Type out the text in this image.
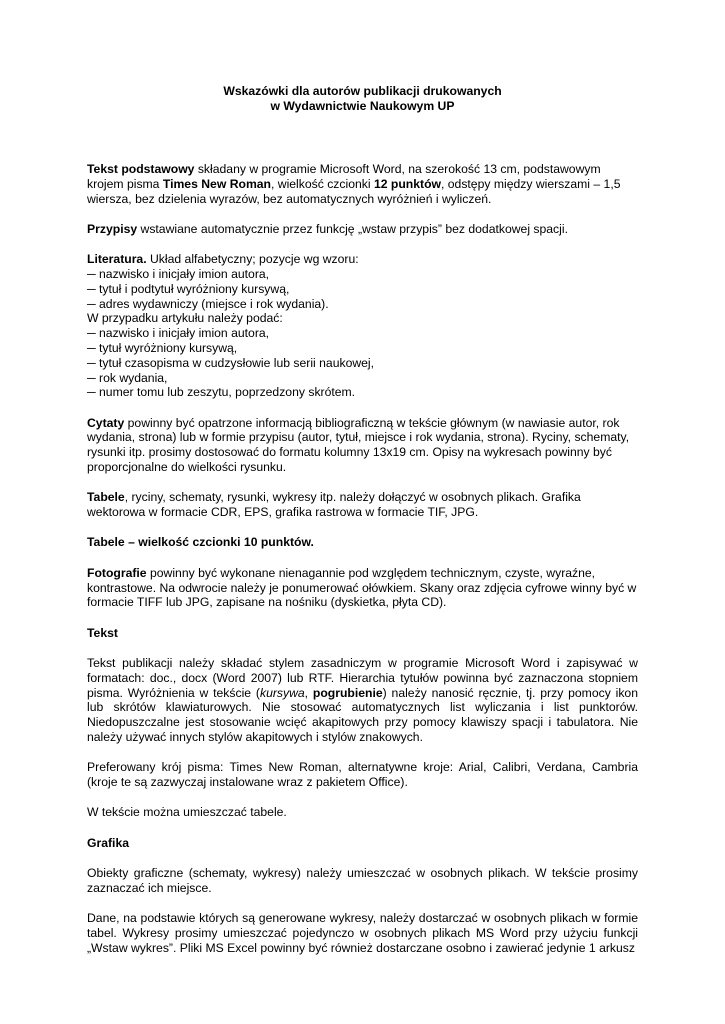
Wskazówki dla autorów publikacji drukowanych
w Wydawnictwie Naukowym UP

Tekst podstawowy składany w programie Microsoft Word, na szerokość 13 cm, podstawowym krojem pisma Times New Roman, wielkość czcionki 12 punktów, odstępy między wierszami – 1,5 wiersza, bez dzielenia wyrazów, bez automatycznych wyróżnień i wyliczeń.

Przypisy wstawiane automatycznie przez funkcję „wstaw przypis” bez dodatkowej spacji.

Literatura. Układ alfabetyczny; pozycje wg wzoru:
─ nazwisko i inicjały imion autora,
─ tytuł i podtytuł wyróżniony kursywą,
─ adres wydawniczy (miejsce i rok wydania).
W przypadku artykułu należy podać:
─ nazwisko i inicjały imion autora,
─ tytuł wyróżniony kursywą,
─ tytuł czasopisma w cudzysłowie lub serii naukowej,
─ rok wydania,
─ numer tomu lub zeszytu, poprzedzony skrótem.

Cytaty powinny być opatrzone informacją bibliograficzną w tekście głównym (w nawiasie autor, rok wydania, strona) lub w formie przypisu (autor, tytuł, miejsce i rok wydania, strona). Ryciny, schematy, rysunki itp. prosimy dostosować do formatu kolumny 13x19 cm. Opisy na wykresach powinny być proporcjonalne do wielkości rysunku.

Tabele, ryciny, schematy, rysunki, wykresy itp. należy dołączyć w osobnych plikach. Grafika wektorowa w formacie CDR, EPS, grafika rastrowa w formacie TIF, JPG.

Tabele – wielkość czcionki 10 punktów.

Fotografie powinny być wykonane nienagannie pod względem technicznym, czyste, wyraźne, kontrastowe. Na odwrocie należy je ponumerować ołówkiem. Skany oraz zdjęcia cyfrowe winny być w formacie TIFF lub JPG, zapisane na nośniku (dyskietka, płyta CD).

Tekst

Tekst publikacji należy składać stylem zasadniczym w programie Microsoft Word i zapisywać w formatach: doc., docx (Word 2007) lub RTF. Hierarchia tytułów powinna być zaznaczona stopniem pisma. Wyróżnienia w tekście (kursywa, pogrubienie) należy nanosić ręcznie, tj. przy pomocy ikon lub skrótów klawiaturowych. Nie stosować automatycznych list wyliczania i list punktorów. Niedopuszczalne jest stosowanie wcięć akapitowych przy pomocy klawiszy spacji i tabulatora. Nie należy używać innych stylów akapitowych i stylów znakowych.

Preferowany krój pisma: Times New Roman, alternatywne kroje: Arial, Calibri, Verdana, Cambria (kroje te są zazwyczaj instalowane wraz z pakietem Office).

W tekście można umieszczać tabele.

Grafika

Obiekty graficzne (schematy, wykresy) należy umieszczać w osobnych plikach. W tekście prosimy zaznaczać ich miejsce.

Dane, na podstawie których są generowane wykresy, należy dostarczać w osobnych plikach w formie tabel. Wykresy prosimy umieszczać pojedynczo w osobnych plikach MS Word przy użyciu funkcji „Wstaw wykres”. Pliki MS Excel powinny być również dostarczane osobno i zawierać jedynie 1 arkusz
